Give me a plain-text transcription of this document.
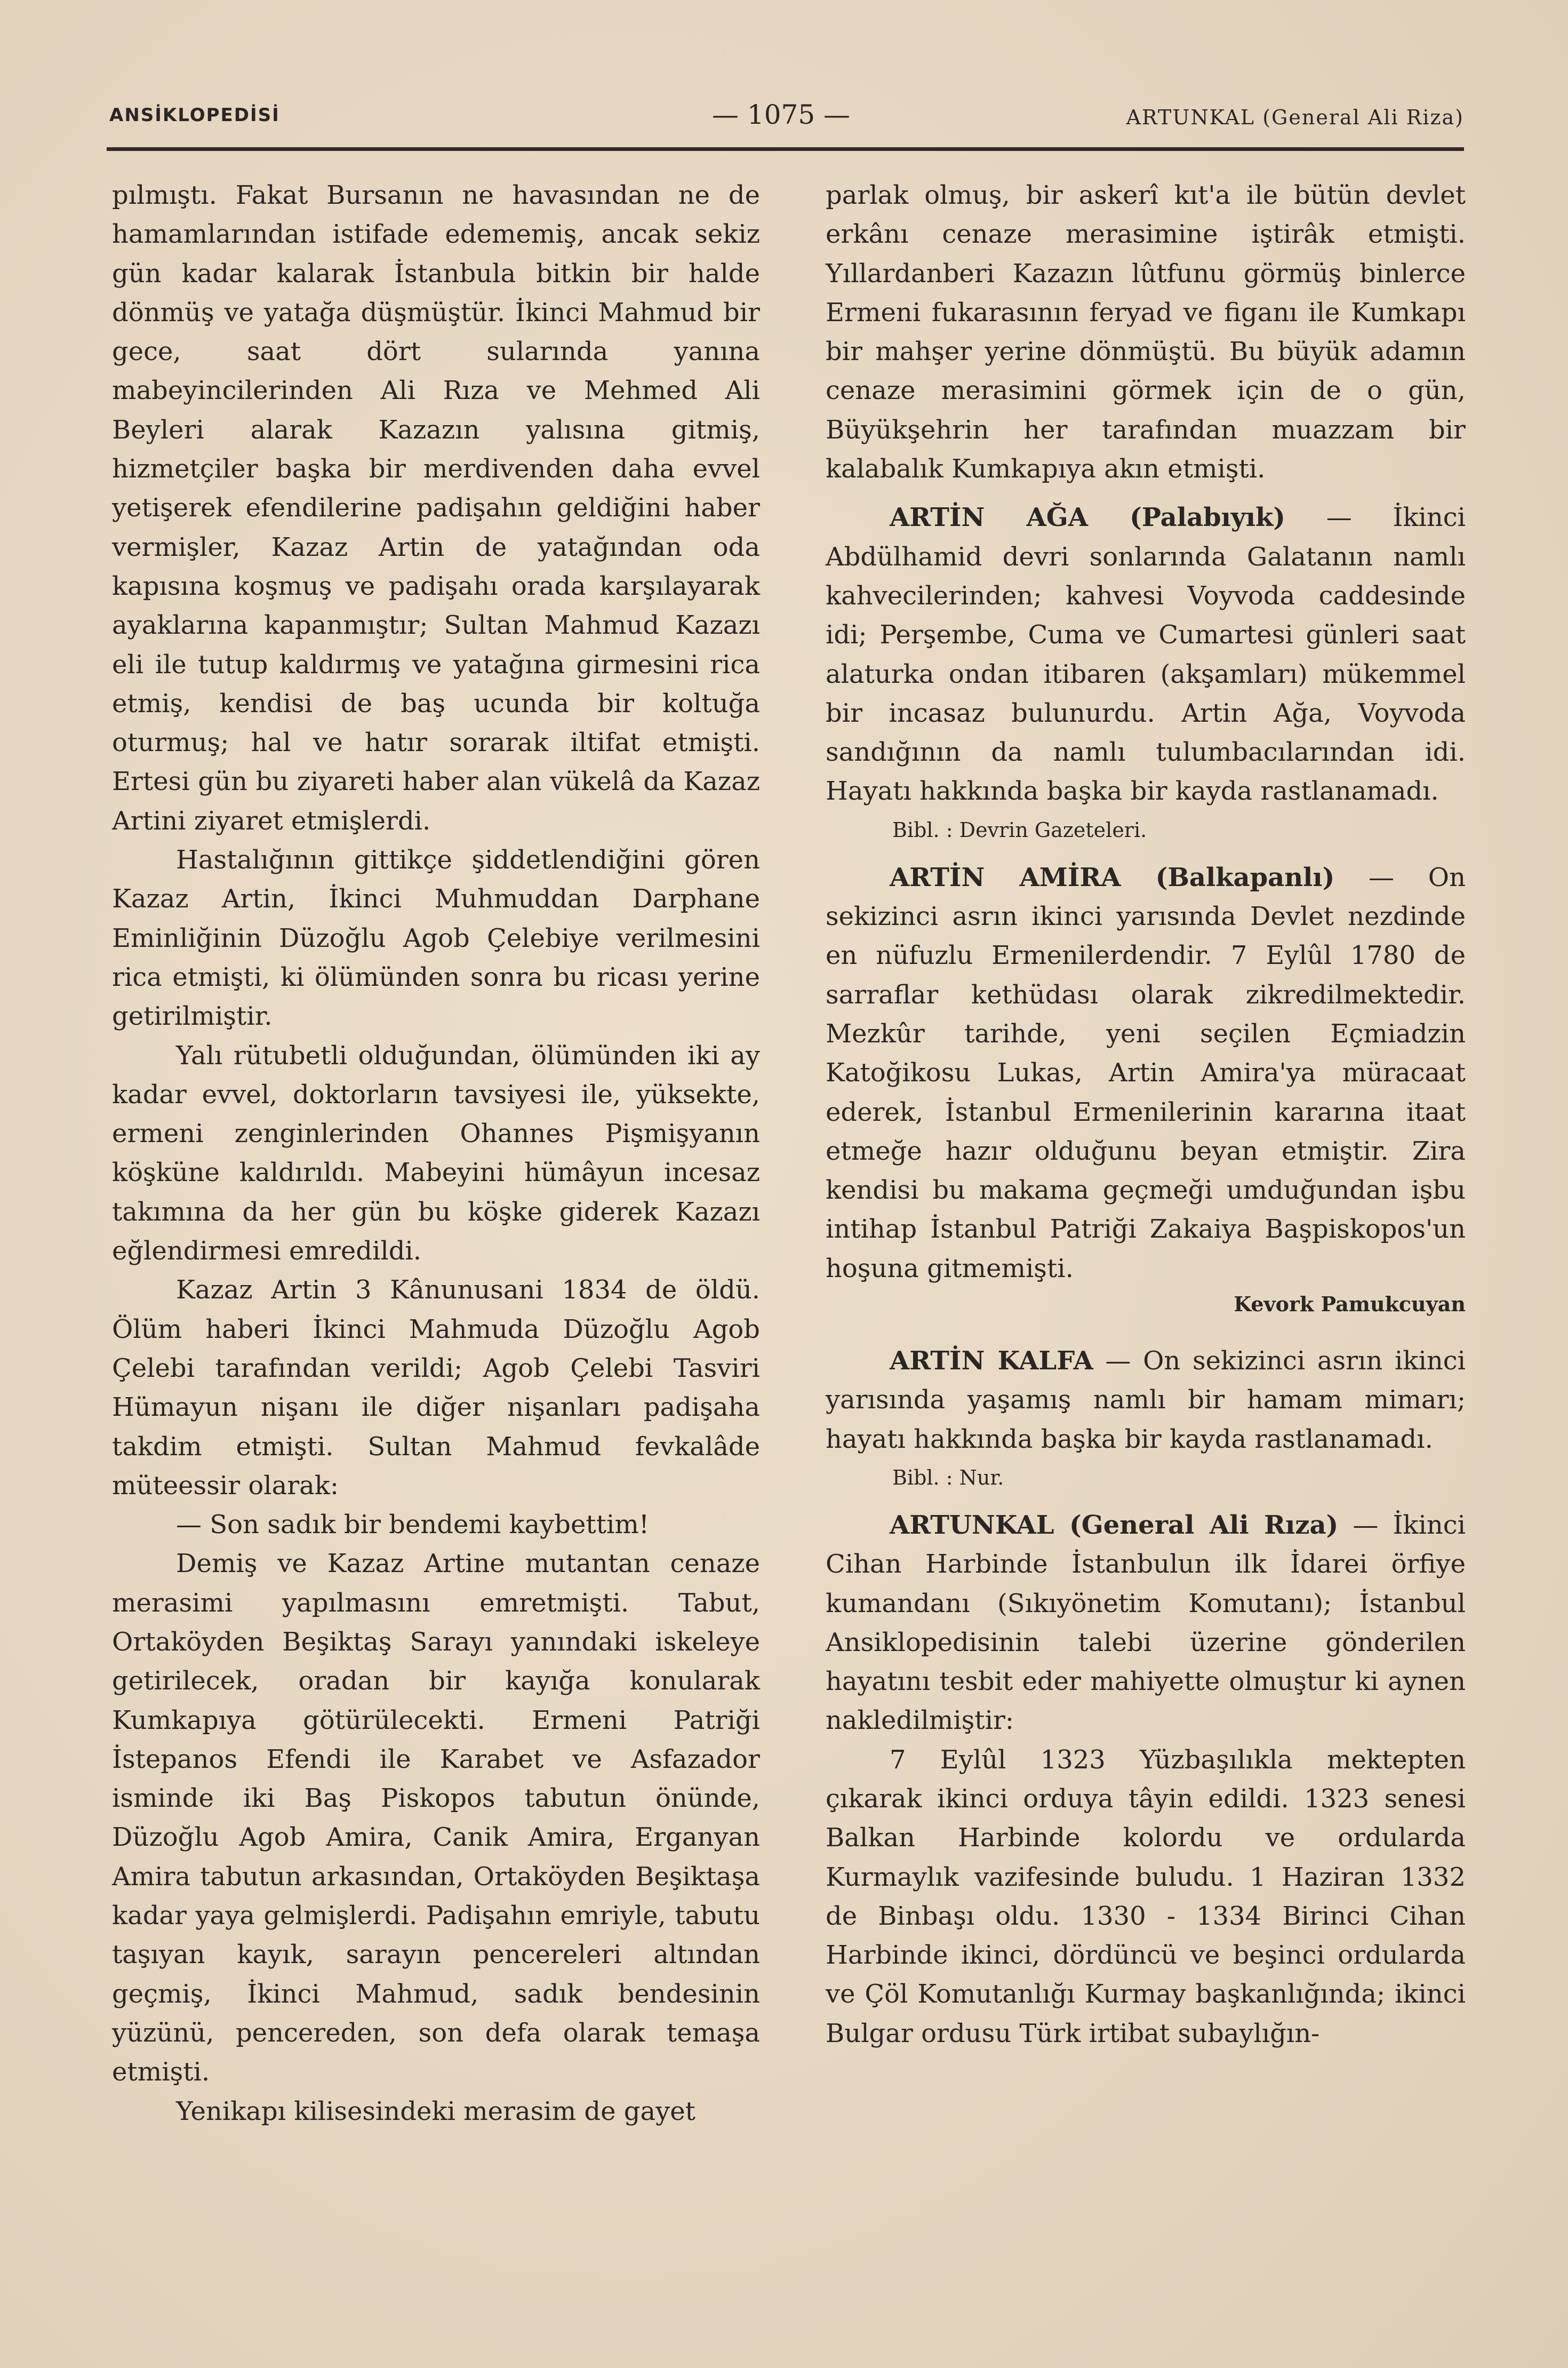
ANSİKLOPEDİSİ	— 1075 —	ARTUNKAL (General Ali Riza)

pılmıştı. Fakat Bursanın ne havasından ne de hamamlarından istifade edememiş, ancak sekiz gün kadar kalarak İstanbula bitkin bir halde dönmüş ve yatağa düşmüştür. İkinci Mahmud bir gece, saat dört sularında yanına mabeyincilerinden Ali Rıza ve Mehmed Ali Beyleri alarak Kazazın yalısına gitmiş, hizmetçiler başka bir merdivenden daha evvel yetişerek efendilerine padişahın geldiğini haber vermişler, Kazaz Artin de yatağından oda kapısına koşmuş ve padişahı orada karşılayarak ayaklarına kapanmıştır; Sultan Mahmud Kazazı eli ile tutup kaldırmış ve yatağına girmesini rica etmiş, kendisi de baş ucunda bir koltuğa oturmuş; hal ve hatır sorarak iltifat etmişti. Ertesi gün bu ziyareti haber alan vükelâ da Kazaz Artini ziyaret etmişlerdi.

Hastalığının gittikçe şiddetlendiğini gören Kazaz Artin, İkinci Muhmuddan Darphane Eminliğinin Düzoğlu Agob Çelebiye verilmesini rica etmişti, ki ölümünden sonra bu ricası yerine getirilmiştir.

Yalı rütubetli olduğundan, ölümünden iki ay kadar evvel, doktorların tavsiyesi ile, yüksekte, ermeni zenginlerinden Ohannes Pişmişyanın köşküne kaldırıldı. Mabeyini hümâyun incesaz takımına da her gün bu köşke giderek Kazazı eğlendirmesi emredildi.

Kazaz Artin 3 Kânunusani 1834 de öldü. Ölüm haberi İkinci Mahmuda Düzoğlu Agob Çelebi tarafından verildi; Agob Çelebi Tasviri Hümayun nişanı ile diğer nişanları padişaha takdim etmişti. Sultan Mahmud fevkalâde müteessir olarak:

— Son sadık bir bendemi kaybettim!

Demiş ve Kazaz Artine mutantan cenaze merasimi yapılmasını emretmişti. Tabut, Ortaköyden Beşiktaş Sarayı yanındaki iskeleye getirilecek, oradan bir kayığa konularak Kumkapıya götürülecekti. Ermeni Patriği İstepanos Efendi ile Karabet ve Asfazador isminde iki Baş Piskopos tabutun önünde, Düzoğlu Agob Amira, Canik Amira, Erganyan Amira tabutun arkasından, Ortaköyden Beşiktaşa kadar yaya gelmişlerdi. Padişahın emriyle, tabutu taşıyan kayık, sarayın pencereleri altından geçmiş, İkinci Mahmud, sadık bendesinin yüzünü, pencereden, son defa olarak temaşa etmişti.

Yenikapı kilisesindeki merasim de gayet

parlak olmuş, bir askerî kıt'a ile bütün devlet erkânı cenaze merasimine iştirâk etmişti. Yıllardanberi Kazazın lûtfunu görmüş binlerce Ermeni fukarasının feryad ve figanı ile Kumkapı bir mahşer yerine dönmüştü. Bu büyük adamın cenaze merasimini görmek için de o gün, Büyükşehrin her tarafından muazzam bir kalabalık Kumkapıya akın etmişti.

ARTİN AĞA (Palabıyık) — İkinci Abdülhamid devri sonlarında Galatanın namlı kahvecilerinden; kahvesi Voyvoda caddesinde idi; Perşembe, Cuma ve Cumartesi günleri saat alaturka ondan itibaren (akşamları) mükemmel bir incasaz bulunurdu. Artin Ağa, Voyvoda sandığının da namlı tulumbacılarından idi. Hayatı hakkında başka bir kayda rastlanamadı.

Bibl. : Devrin Gazeteleri.

ARTİN AMİRA (Balkapanlı) — On sekizinci asrın ikinci yarısında Devlet nezdinde en nüfuzlu Ermenilerdendir. 7 Eylûl 1780 de sarraflar kethüdası olarak zikredilmektedir. Mezkûr tarihde, yeni seçilen Eçmiadzin Katoğikosu Lukas, Artin Amira'ya müracaat ederek, İstanbul Ermenilerinin kararına itaat etmeğe hazır olduğunu beyan etmiştir. Zira kendisi bu makama geçmeği umduğundan işbu intihap İstanbul Patriği Zakaiya Başpiskopos'un hoşuna gitmemişti.

Kevork Pamukcuyan

ARTİN KALFA — On sekizinci asrın ikinci yarısında yaşamış namlı bir hamam mimarı; hayatı hakkında başka bir kayda rastlanamadı.

Bibl. : Nur.

ARTUNKAL (General Ali Rıza) — İkinci Cihan Harbinde İstanbulun ilk İdarei örfiye kumandanı (Sıkıyönetim Komutanı); İstanbul Ansiklopedisinin talebi üzerine gönderilen hayatını tesbit eder mahiyette olmuştur ki aynen nakledilmiştir:

7 Eylûl 1323 Yüzbaşılıkla mektepten çıkarak ikinci orduya tâyin edildi. 1323 senesi Balkan Harbinde kolordu ve ordularda Kurmaylık vazifesinde buludu. 1 Haziran 1332 de Binbaşı oldu. 1330 - 1334 Birinci Cihan Harbinde ikinci, dördüncü ve beşinci ordularda ve Çöl Komutanlığı Kurmay başkanlığında; ikinci Bulgar ordusu Türk irtibat subaylığın-
